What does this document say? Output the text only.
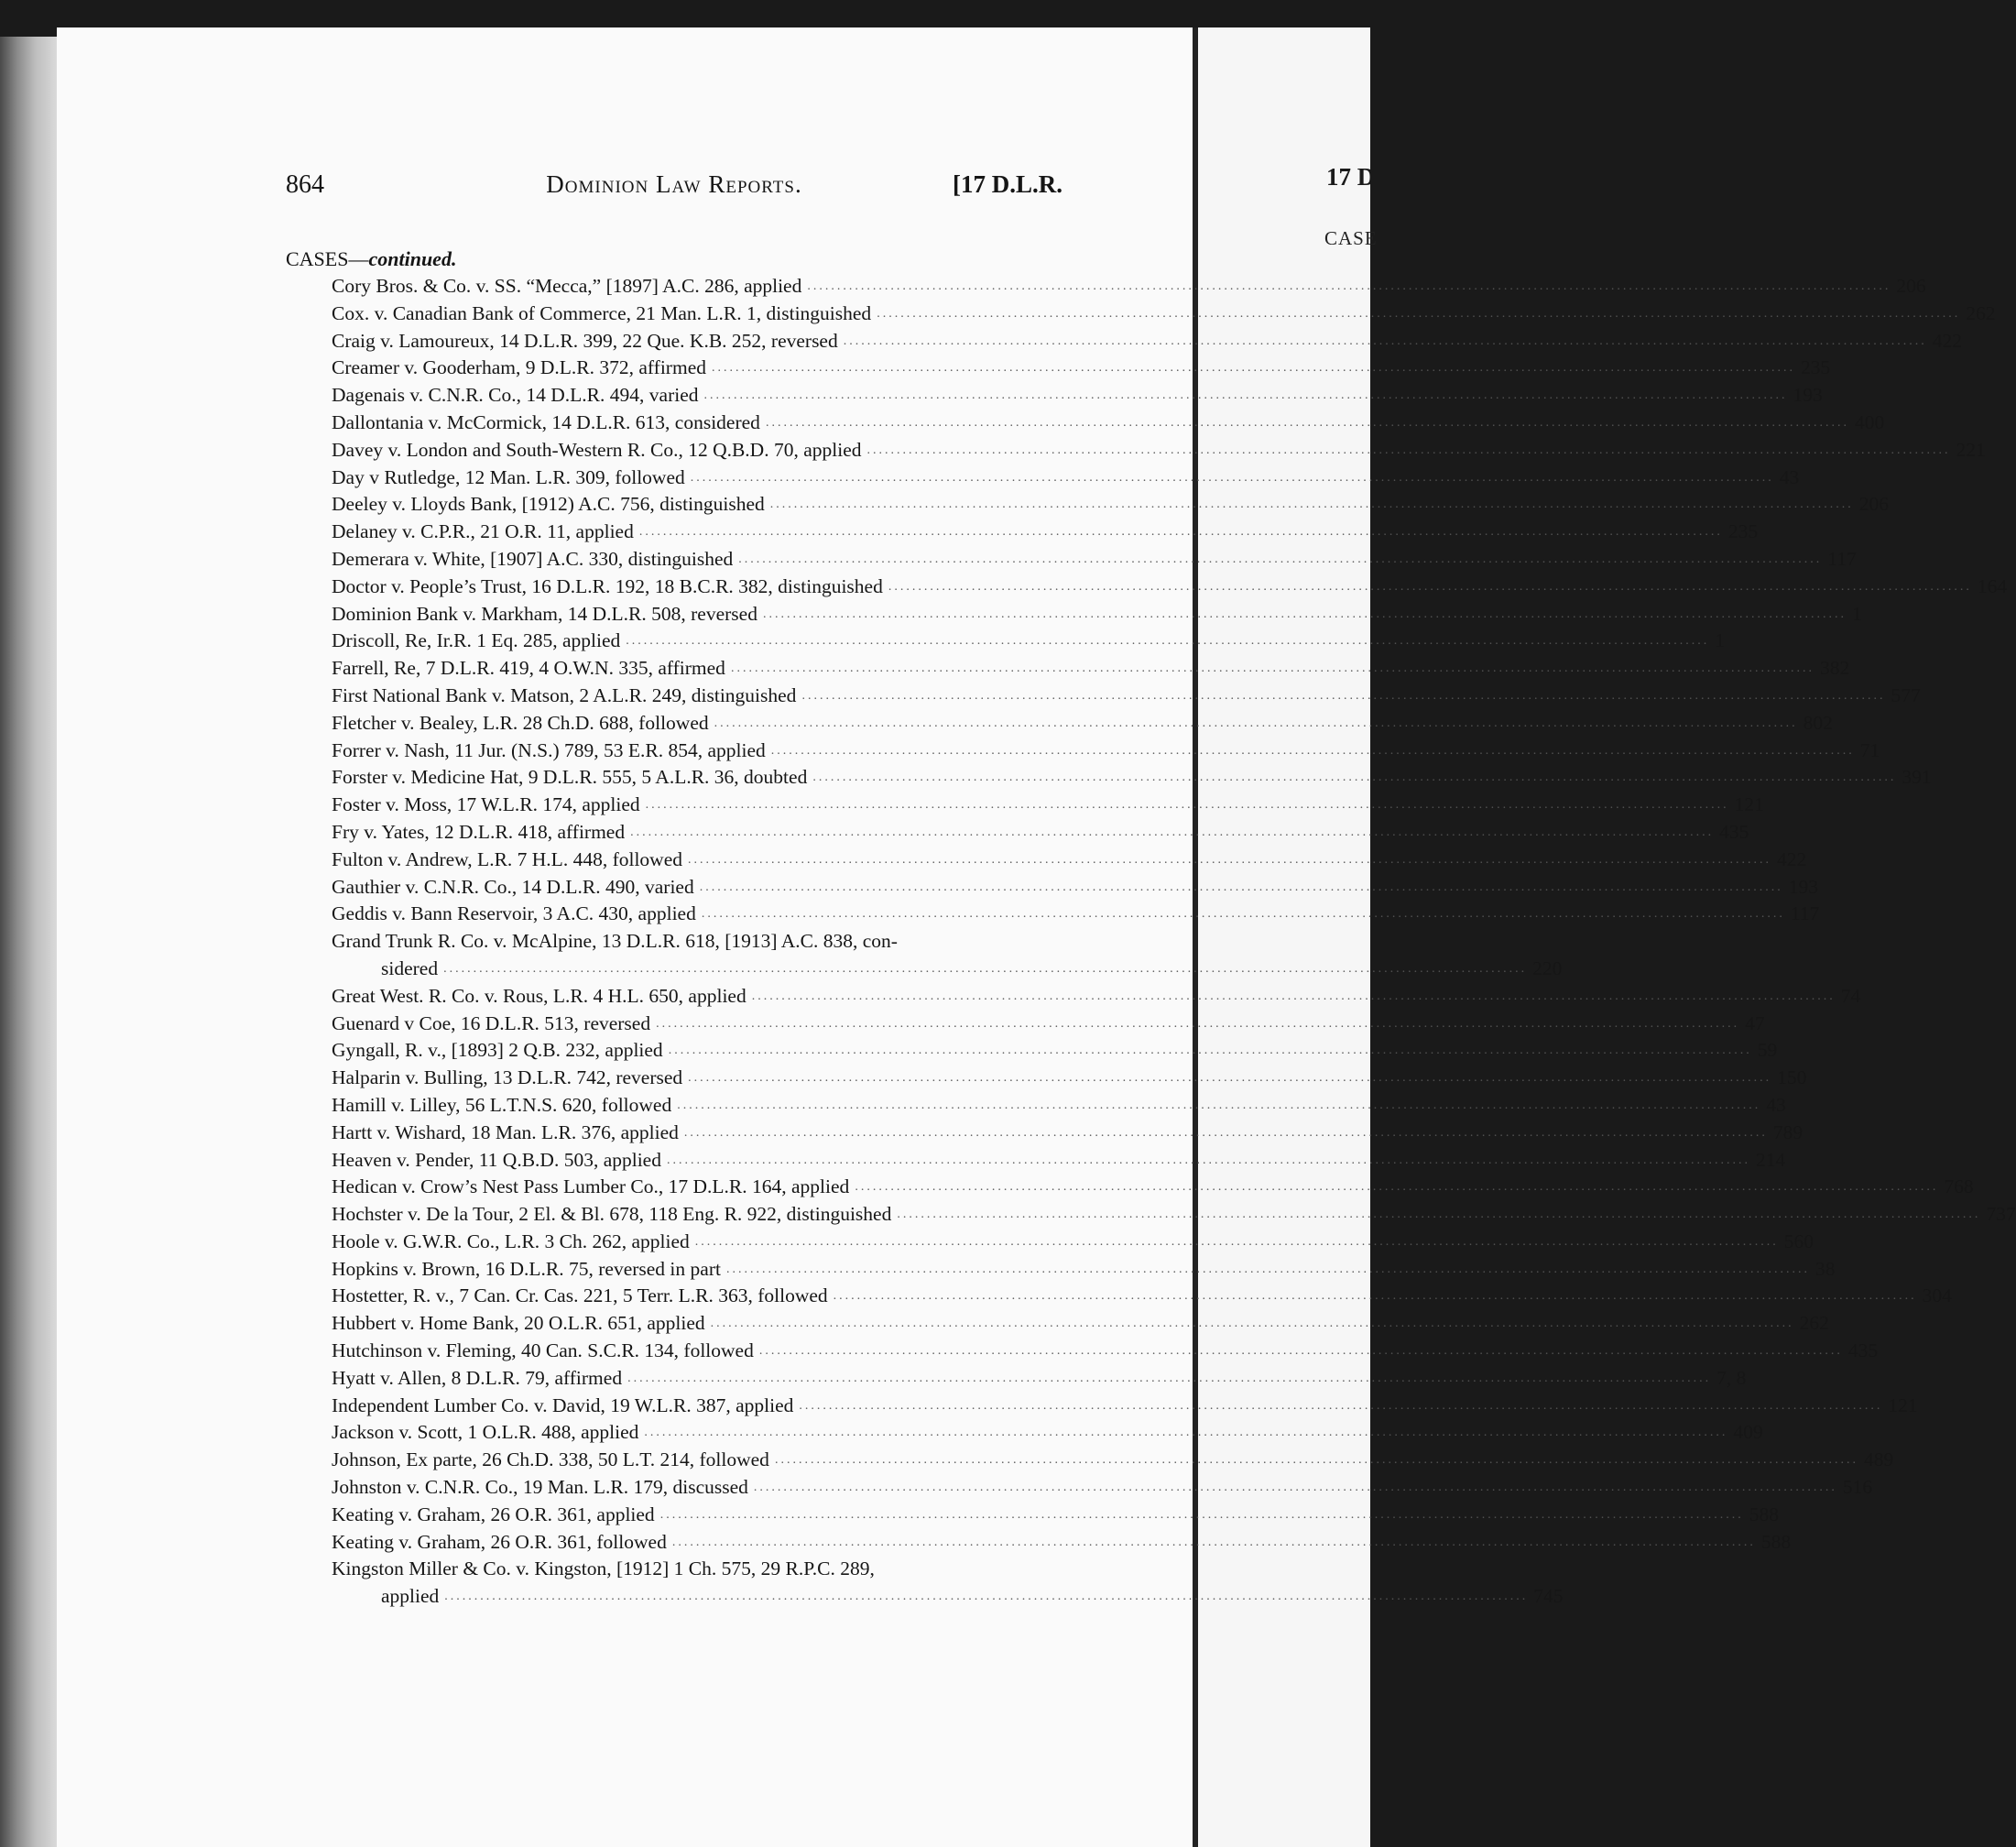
17 D
CASE
864	Dominion Law Reports.	[17 D.L.R.
CASES—continued.
Cory Bros. & Co. v. SS. “Mecca,” [1897] A.C. 286, applied .....	206
Cox. v. Canadian Bank of Commerce, 21 Man. L.R. 1, distinguished .....	262
Craig v. Lamoureux, 14 D.L.R. 399, 22 Que. K.B. 252, reversed .....	422
Creamer v. Gooderham, 9 D.L.R. 372, affirmed .....	235
Dagenais v. C.N.R. Co., 14 D.L.R. 494, varied .....	193
Dallontania v. McCormick, 14 D.L.R. 613, considered .....	400
Davey v. London and South-Western R. Co., 12 Q.B.D. 70, applied .....	221
Day v Rutledge, 12 Man. L.R. 309, followed .....	43
Deeley v. Lloyds Bank, [1912) A.C. 756, distinguished .....	206
Delaney v. C.P.R., 21 O.R. 11, applied .....	235
Demerara v. White, [1907] A.C. 330, distinguished .....	117
Doctor v. People’s Trust, 16 D.L.R. 192, 18 B.C.R. 382, distinguished .....	164
Dominion Bank v. Markham, 14 D.L.R. 508, reversed .....	1
Driscoll, Re, Ir.R. 1 Eq. 285, applied .....	1
Farrell, Re, 7 D.L.R. 419, 4 O.W.N. 335, affirmed .....	382
First National Bank v. Matson, 2 A.L.R. 249, distinguished .....	577
Fletcher v. Bealey, L.R. 28 Ch.D. 688, followed .....	802
Forrer v. Nash, 11 Jur. (N.S.) 789, 53 E.R. 854, applied .....	71
Forster v. Medicine Hat, 9 D.L.R. 555, 5 A.L.R. 36, doubted .....	391
Foster v. Moss, 17 W.L.R. 174, applied .....	121
Fry v. Yates, 12 D.L.R. 418, affirmed .....	435
Fulton v. Andrew, L.R. 7 H.L. 448, followed .....	422
Gauthier v. C.N.R. Co., 14 D.L.R. 490, varied .....	193
Geddis v. Bann Reservoir, 3 A.C. 430, applied .....	117
Grand Trunk R. Co. v. McAlpine, 13 D.L.R. 618, [1913] A.C. 838, con-
sidered .....	220
Great West. R. Co. v. Rous, L.R. 4 H.L. 650, applied .....	74
Guenard v Coe, 16 D.L.R. 513, reversed .....	47
Gyngall, R. v., [1893] 2 Q.B. 232, applied .....	59
Halparin v. Bulling, 13 D.L.R. 742, reversed .....	150
Hamill v. Lilley, 56 L.T.N.S. 620, followed .....	43
Hartt v. Wishard, 18 Man. L.R. 376, applied .....	789
Heaven v. Pender, 11 Q.B.D. 503, applied .....	214
Hedican v. Crow’s Nest Pass Lumber Co., 17 D.L.R. 164, applied .....	768
Hochster v. De la Tour, 2 El. & Bl. 678, 118 Eng. R. 922, distinguished .....	737
Hoole v. G.W.R. Co., L.R. 3 Ch. 262, applied .....	560
Hopkins v. Brown, 16 D.L.R. 75, reversed in part .....	38
Hostetter, R. v., 7 Can. Cr. Cas. 221, 5 Terr. L.R. 363, followed .....	304
Hubbert v. Home Bank, 20 O.L.R. 651, applied .....	262
Hutchinson v. Fleming, 40 Can. S.C.R. 134, followed .....	435
Hyatt v. Allen, 8 D.L.R. 79, affirmed .....	7, 8
Independent Lumber Co. v. David, 19 W.L.R. 387, applied .....	121
Jackson v. Scott, 1 O.L.R. 488, applied .....	409
Johnson, Ex parte, 26 Ch.D. 338, 50 L.T. 214, followed .....	489
Johnston v. C.N.R. Co., 19 Man. L.R. 179, discussed .....	516
Keating v. Graham, 26 O.R. 361, applied .....	588
Keating v. Graham, 26 O.R. 361, followed .....	588
Kingston Miller & Co. v. Kingston, [1912] 1 Ch. 575, 29 R.P.C. 289,
applied .....	745
